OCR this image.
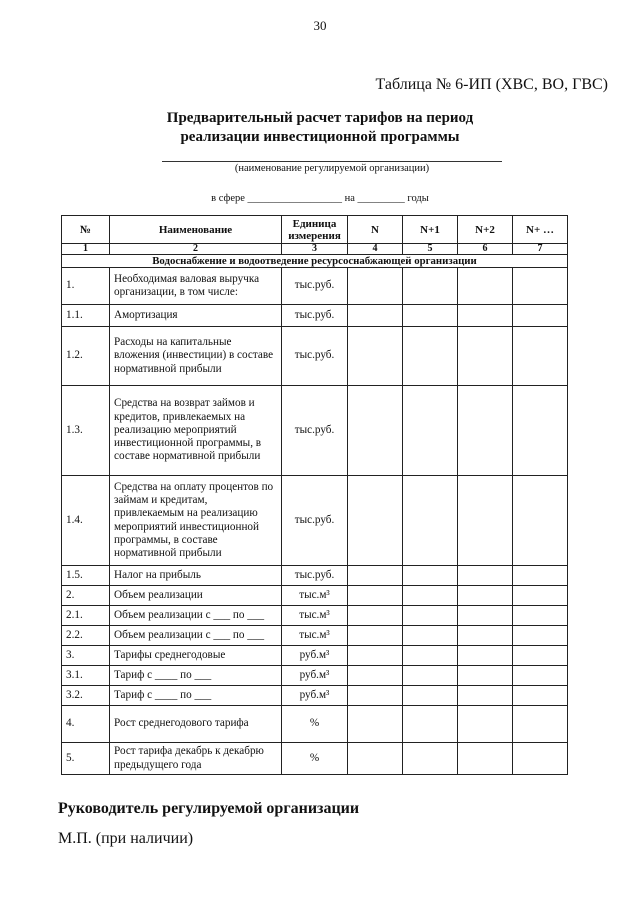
30
Таблица № 6-ИП (ХВС, ВО, ГВС)
Предварительный расчет тарифов на период
реализации инвестиционной программы
(наименование регулируемой организации)
в сфере __________________ на _________ годы
№	Наименование	Единица измерения	N	N+1	N+2	N+ …
1	2	3	4	5	6	7
Водоснабжение и водоотведение ресурсоснабжающей организации						
1.	Необходимая валовая выручка организации, в том числе:	тыс.руб.				
1.1.	Амортизация	тыс.руб.				
1.2.	Расходы на капитальные вложения (инвестиции) в составе нормативной прибыли	тыс.руб.				
1.3.	Средства на возврат займов и кредитов, привлекаемых на реализацию мероприятий инвестиционной программы, в составе нормативной прибыли	тыс.руб.				
1.4.	Средства на оплату процентов по займам и кредитам, привлекаемым на реализацию мероприятий инвестиционной программы, в составе нормативной прибыли	тыс.руб.				
1.5.	Налог на прибыль	тыс.руб.				
2.	Объем реализации	тыс.м³				
2.1.	Объем реализации с ___ по ___	тыс.м³				
2.2.	Объем реализации с ___ по ___	тыс.м³				
3.	Тарифы среднегодовые	руб.м³				
3.1.	Тариф с ____ по ___	руб.м³				
3.2.	Тариф с ____ по ___	руб.м³				
4.	Рост среднегодового тарифа	%				
5.	Рост тарифа декабрь к декабрю предыдущего года	%				
Руководитель регулируемой организации
М.П. (при наличии)
